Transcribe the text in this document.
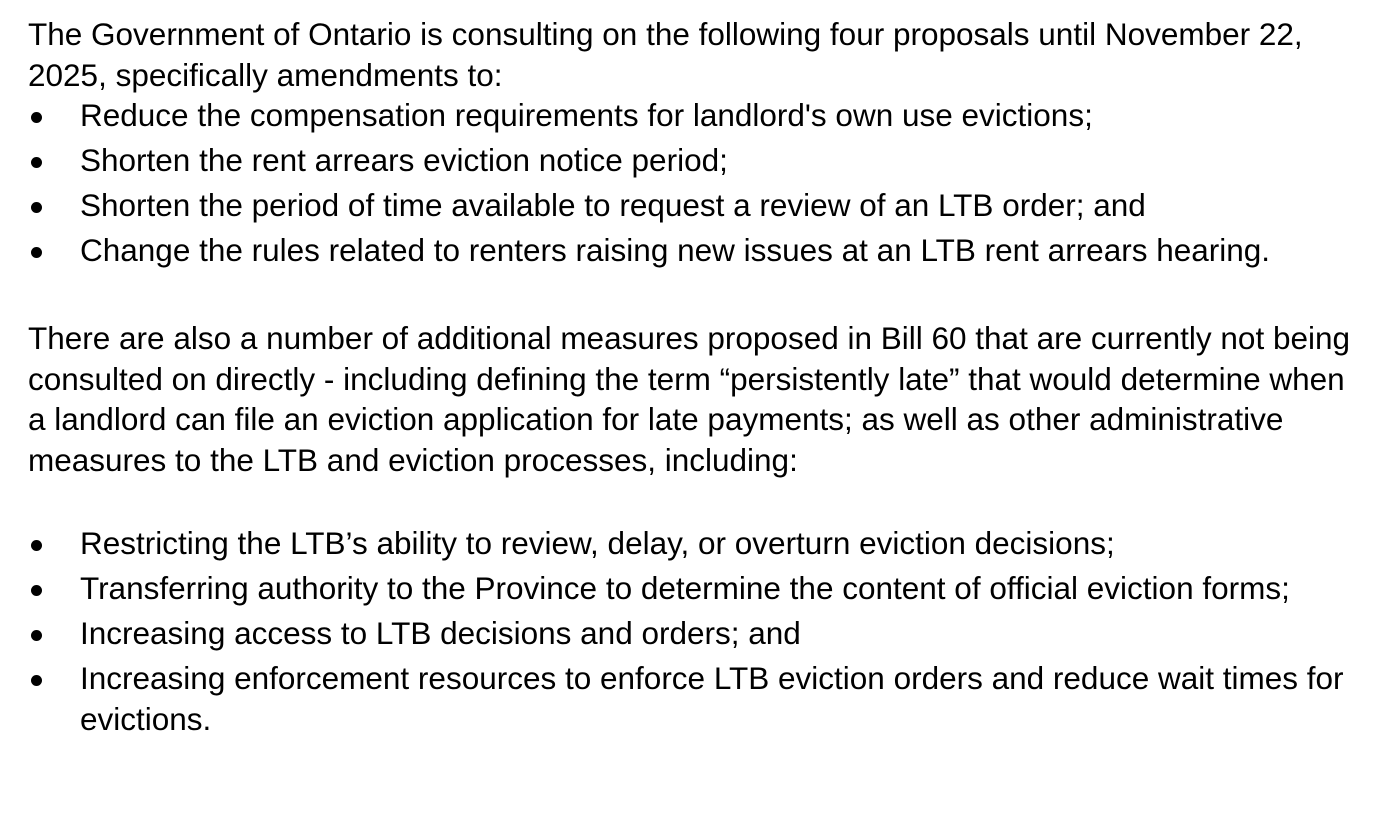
The Government of Ontario is consulting on the following four proposals until November 22, 2025, specifically amendments to:

Reduce the compensation requirements for landlord's own use evictions;
Shorten the rent arrears eviction notice period;
Shorten the period of time available to request a review of an LTB order; and
Change the rules related to renters raising new issues at an LTB rent arrears hearing.

There are also a number of additional measures proposed in Bill 60 that are currently not being consulted on directly - including defining the term “persistently late” that would determine when a landlord can file an eviction application for late payments; as well as other administrative measures to the LTB and eviction processes, including:

Restricting the LTB’s ability to review, delay, or overturn eviction decisions;
Transferring authority to the Province to determine the content of official eviction forms;
Increasing access to LTB decisions and orders; and
Increasing enforcement resources to enforce LTB eviction orders and reduce wait times for evictions.
